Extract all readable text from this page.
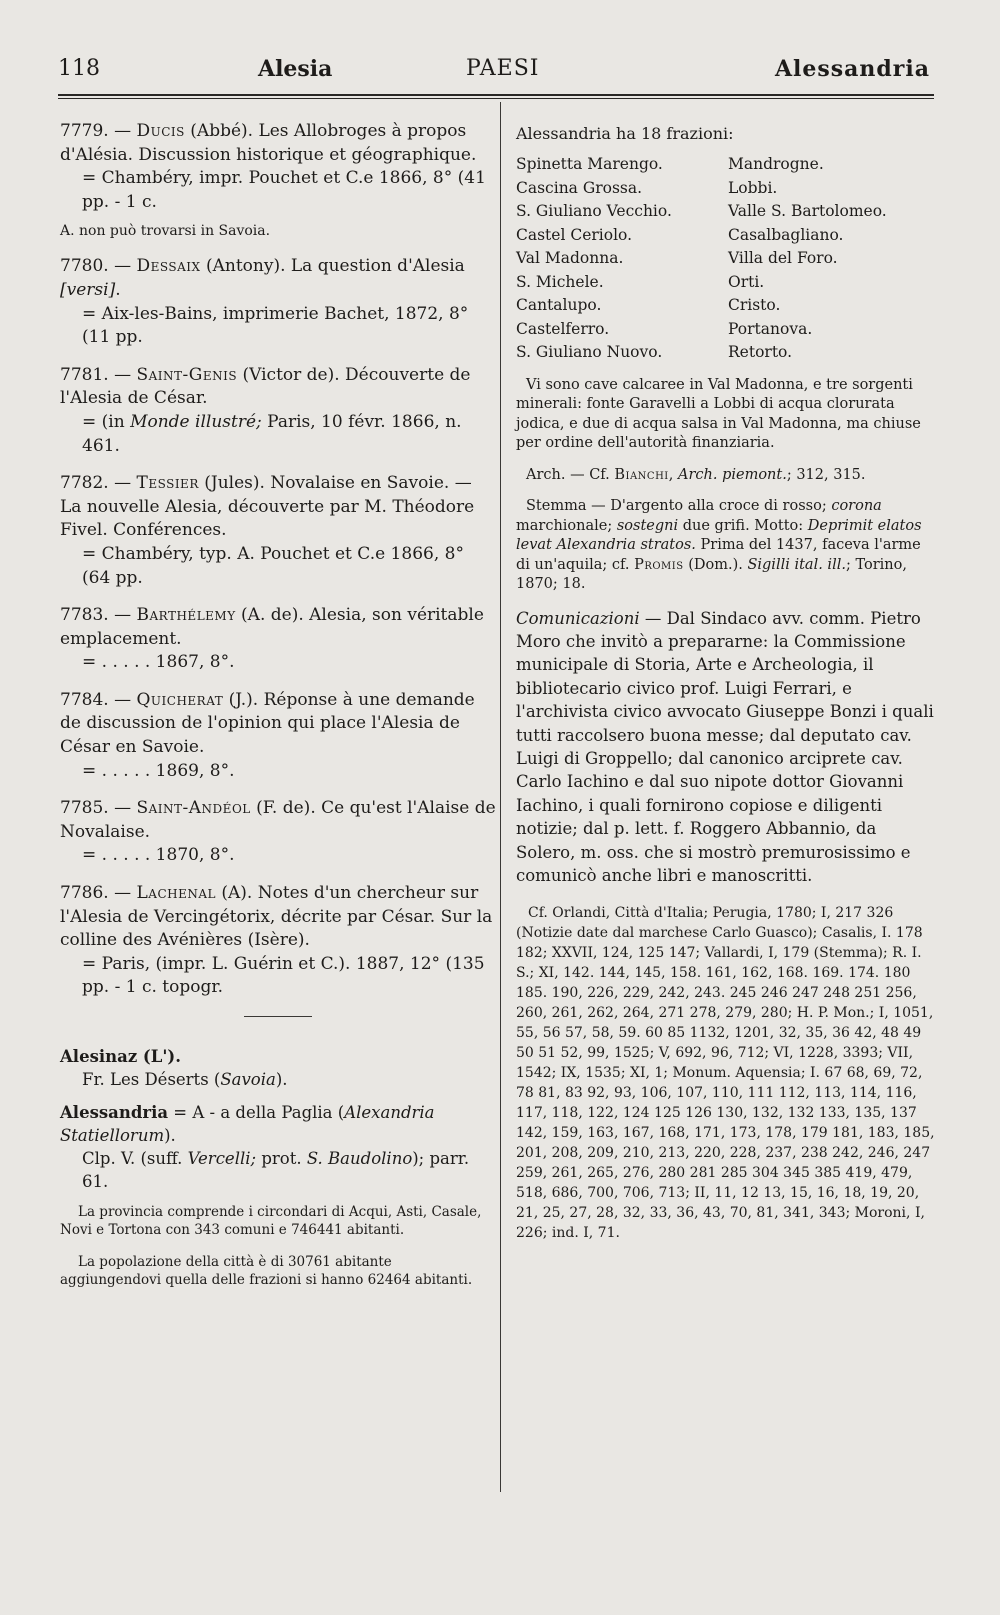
118	Alesia	PAESI	Alessandria

7779. — Ducis (Abbé). Les Allobroges à propos d'Alésia. Discussion historique et géographique.

= Chambéry, impr. Pouchet et C.e 1866, 8° (41 pp. - 1 c.

A. non può trovarsi in Savoia.

7780. — Dessaix (Antony). La question d'Alesia [versi].

= Aix-les-Bains, imprimerie Bachet, 1872, 8° (11 pp.

7781. — Saint-Genis (Victor de). Découverte de l'Alesia de César.

= (in Monde illustré; Paris, 10 févr. 1866, n. 461.

7782. — Tessier (Jules). Novalaise en Savoie. — La nouvelle Alesia, découverte par M. Théodore Fivel. Conférences.

= Chambéry, typ. A. Pouchet et C.e 1866, 8° (64 pp.

7783. — Barthélemy (A. de). Alesia, son véritable emplacement.

= . . . . . 1867, 8°.

7784. — Quicherat (J.). Réponse à une demande de discussion de l'opinion qui place l'Alesia de César en Savoie.

= . . . . . 1869, 8°.

7785. — Saint-Andéol (F. de). Ce qu'est l'Alaise de Novalaise.

= . . . . . 1870, 8°.

7786. — Lachenal (A). Notes d'un chercheur sur l'Alesia de Vercingétorix, décrite par César. Sur la colline des Avénières (Isère).

= Paris, (impr. L. Guérin et C.). 1887, 12° (135 pp. - 1 c. topogr.

Alesinaz (L').

Fr. Les Déserts (Savoia).

Alessandria = A - a della Paglia (Alexandria Statiellorum).

Clp. V. (suff. Vercelli; prot. S. Baudolino); parr. 61.

La provincia comprende i circondari di Acqui, Asti, Casale, Novi e Tortona con 343 comuni e 746441 abitanti.

La popolazione della città è di 30761 abitante aggiungendovi quella delle frazioni si hanno 62464 abitanti.

Alessandria ha 18 frazioni:

Spinetta Marengo.	Mandrogne.
Cascina Grossa.	Lobbi.
S. Giuliano Vecchio.	Valle S. Bartolomeo.
Castel Ceriolo.	Casalbagliano.
Val Madonna.	Villa del Foro.
S. Michele.	Orti.
Cantalupo.	Cristo.
Castelferro.	Portanova.
S. Giuliano Nuovo.	Retorto.

Vi sono cave calcaree in Val Madonna, e tre sorgenti minerali: fonte Garavelli a Lobbi di acqua clorurata jodica, e due di acqua salsa in Val Madonna, ma chiuse per ordine dell'autorità finanziaria.

Arch. — Cf. Bianchi, Arch. piemont.; 312, 315.

Stemma — D'argento alla croce di rosso; corona marchionale; sostegni due grifi. Motto: Deprimit elatos levat Alexandria stratos. Prima del 1437, faceva l'arme di un'aquila; cf. Promis (Dom.). Sigilli ital. ill.; Torino, 1870; 18.

Comunicazioni — Dal Sindaco avv. comm. Pietro Moro che invitò a prepararne: la Commissione municipale di Storia, Arte e Archeologia, il bibliotecario civico prof. Luigi Ferrari, e l'archivista civico avvocato Giuseppe Bonzi i quali tutti raccolsero buona messe; dal deputato cav. Luigi di Groppello; dal canonico arciprete cav. Carlo Iachino e dal suo nipote dottor Giovanni Iachino, i quali fornirono copiose e diligenti notizie; dal p. lett. f. Roggero Abbannio, da Solero, m. oss. che si mostrò premurosissimo e comunicò anche libri e manoscritti.

Cf. Orlandi, Città d'Italia; Perugia, 1780; I, 217 326 (Notizie date dal marchese Carlo Guasco); Casalis, I. 178 182; XXVII, 124, 125 147; Vallardi, I, 179 (Stemma); R. I. S.; XI, 142. 144, 145, 158. 161, 162, 168. 169. 174. 180 185. 190, 226, 229, 242, 243. 245 246 247 248 251 256, 260, 261, 262, 264, 271 278, 279, 280; H. P. Mon.; I, 1051, 55, 56 57, 58, 59. 60 85 1132, 1201, 32, 35, 36 42, 48 49 50 51 52, 99, 1525; V, 692, 96, 712; VI, 1228, 3393; VII, 1542; IX, 1535; XI, 1; Monum. Aquensia; I. 67 68, 69, 72, 78 81, 83 92, 93, 106, 107, 110, 111 112, 113, 114, 116, 117, 118, 122, 124 125 126 130, 132, 132 133, 135, 137 142, 159, 163, 167, 168, 171, 173, 178, 179 181, 183, 185, 201, 208, 209, 210, 213, 220, 228, 237, 238 242, 246, 247 259, 261, 265, 276, 280 281 285 304 345 385 419, 479, 518, 686, 700, 706, 713; II, 11, 12 13, 15, 16, 18, 19, 20, 21, 25, 27, 28, 32, 33, 36, 43, 70, 81, 341, 343; Moroni, I, 226; ind. I, 71.
